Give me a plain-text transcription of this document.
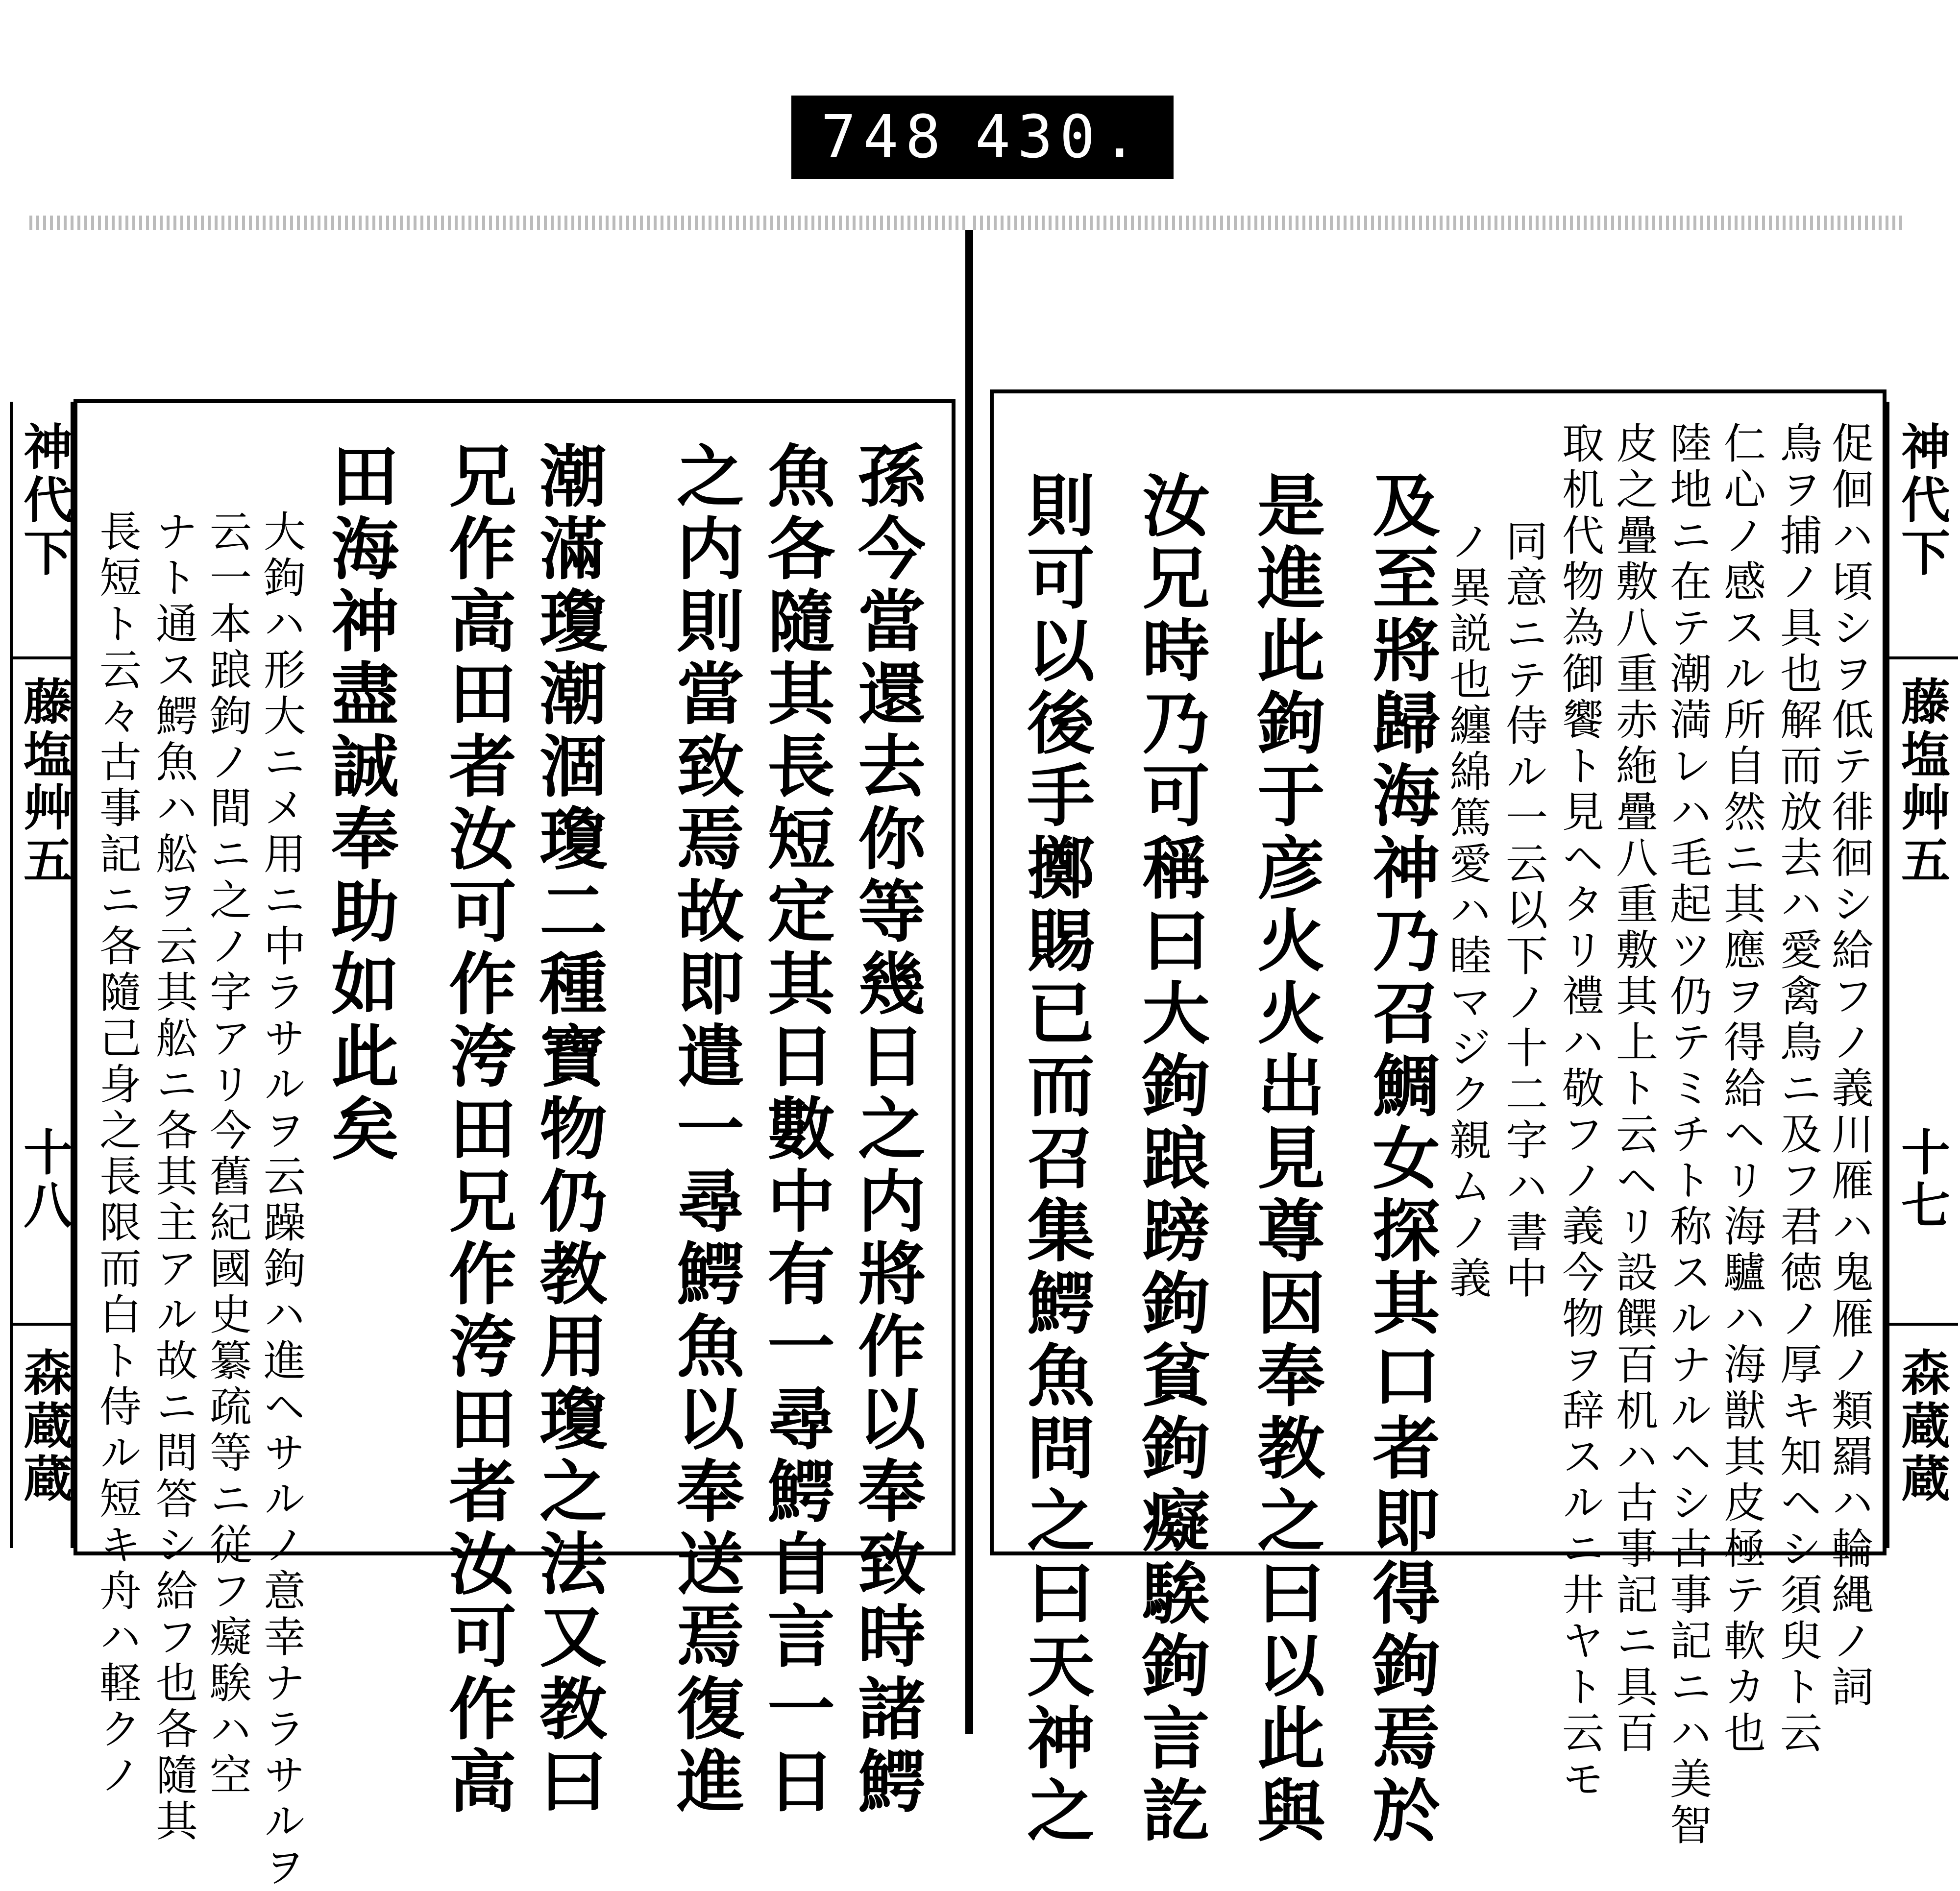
748 430.
神代下
藤塩艸五
十八
森蔵蔵
神代下
藤塩艸五
十七
森蔵蔵
孫今當還去你等幾日之内將作以奉致時諸鰐
魚各隨其長短定其日數中有一尋鰐自言一日
之内則當致焉故即遣一尋鰐魚以奉送焉復進
潮滿瓊潮涸瓊二種寶物仍教用瓊之法又教曰
兄作高田者汝可作洿田兄作洿田者汝可作高
田海神盡誠奉助如此矣
大鉤ハ形大ニメ用ニ中ラサルヲ云躁鉤ハ進ヘサルノ意幸ナラサルヲ
云一本踉鉤ノ間ニ之ノ字アリ今舊紀國史纂疏等ニ従フ癡騃ハ空
ナト通ス鰐魚ハ舩ヲ云其舩ニ各其主アル故ニ問答シ給フ也各隨其
長短ト云々古事記ニ各隨己身之長限而白ト侍ル短キ舟ハ軽クノ	促佪ハ頃シヲ低テ徘徊シ給フノ義川雁ハ鬼雁ノ類羂ハ輪縄ノ詞
鳥ヲ捕ノ具也解而放去ハ愛禽鳥ニ及フ君徳ノ厚キ知ヘシ須臾ト云
仁心ノ感スル所自然ニ其應ヲ得給ヘリ海驢ハ海獣其皮極テ軟カ也
陸地ニ在テ潮満レハ毛起ツ仍テミチト称スルナルヘシ古事記ニハ美智
皮之疊敷八重赤絁疊八重敷其上ト云ヘリ設饌百机ハ古事記ニ具百
取机代物為御饗ト見ヘタリ禮ハ敬フノ義今物ヲ辞スルニ井ヤト云モ
同意ニテ侍ル一云以下ノ十二字ハ書中
ノ異説也纏綿篤愛ハ睦マジク親ムノ義
及至將歸海神乃召鯛女探其口者即得鉤焉於
是進此鉤于彦火火出見尊因奉教之曰以此與
汝兄時乃可稱曰大鉤踉䠙鉤貧鉤癡騃鉤言訖
則可以後手擲賜已而召集鰐魚問之曰天神之
